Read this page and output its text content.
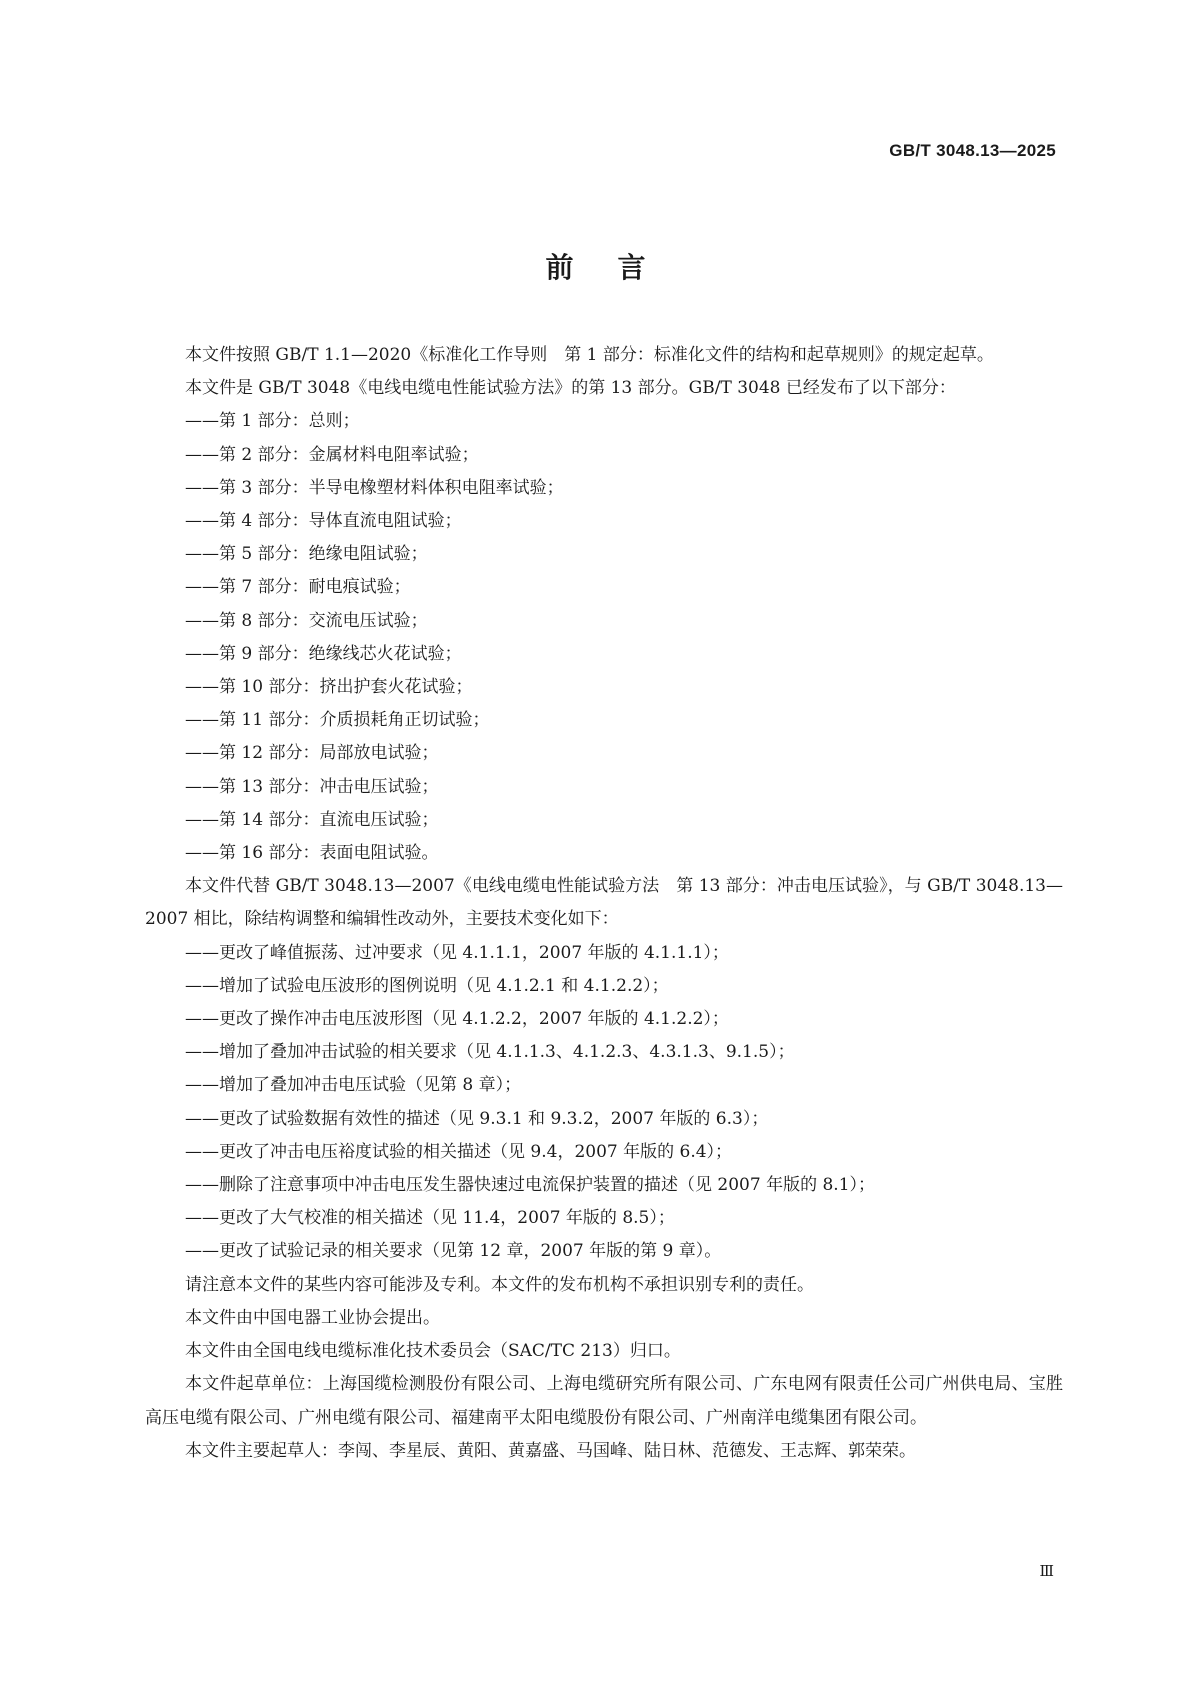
GB/T 3048.13—2025
前言

本文件按照 GB/T 1.1—2020《标准化工作导则　第 1 部分：标准化文件的结构和起草规则》的规定起草。

本文件是 GB/T 3048《电线电缆电性能试验方法》的第 13 部分。GB/T 3048 已经发布了以下部分：

——第 1 部分：总则；

——第 2 部分：金属材料电阻率试验；

——第 3 部分：半导电橡塑材料体积电阻率试验；

——第 4 部分：导体直流电阻试验；

——第 5 部分：绝缘电阻试验；

——第 7 部分：耐电痕试验；

——第 8 部分：交流电压试验；

——第 9 部分：绝缘线芯火花试验；

——第 10 部分：挤出护套火花试验；

——第 11 部分：介质损耗角正切试验；

——第 12 部分：局部放电试验；

——第 13 部分：冲击电压试验；

——第 14 部分：直流电压试验；

——第 16 部分：表面电阻试验。

本文件代替 GB/T 3048.13—2007《电线电缆电性能试验方法　第 13 部分：冲击电压试验》，与 GB/T 3048.13—2007 相比，除结构调整和编辑性改动外，主要技术变化如下：

——更改了峰值振荡、过冲要求（见 4.1.1.1，2007 年版的 4.1.1.1）；

——增加了试验电压波形的图例说明（见 4.1.2.1 和 4.1.2.2）；

——更改了操作冲击电压波形图（见 4.1.2.2，2007 年版的 4.1.2.2）；

——增加了叠加冲击试验的相关要求（见 4.1.1.3、4.1.2.3、4.3.1.3、9.1.5）；

——增加了叠加冲击电压试验（见第 8 章）；

——更改了试验数据有效性的描述（见 9.3.1 和 9.3.2，2007 年版的 6.3）；

——更改了冲击电压裕度试验的相关描述（见 9.4，2007 年版的 6.4）；

——删除了注意事项中冲击电压发生器快速过电流保护装置的描述（见 2007 年版的 8.1）；

——更改了大气校准的相关描述（见 11.4，2007 年版的 8.5）；

——更改了试验记录的相关要求（见第 12 章，2007 年版的第 9 章）。

请注意本文件的某些内容可能涉及专利。本文件的发布机构不承担识别专利的责任。

本文件由中国电器工业协会提出。

本文件由全国电线电缆标准化技术委员会（SAC/TC 213）归口。

本文件起草单位：上海国缆检测股份有限公司、上海电缆研究所有限公司、广东电网有限责任公司广州供电局、宝胜高压电缆有限公司、广州电缆有限公司、福建南平太阳电缆股份有限公司、广州南洋电缆集团有限公司。

本文件主要起草人：李闯、李星辰、黄阳、黄嘉盛、马国峰、陆日林、范德发、王志辉、郭荣荣。

Ⅲ
